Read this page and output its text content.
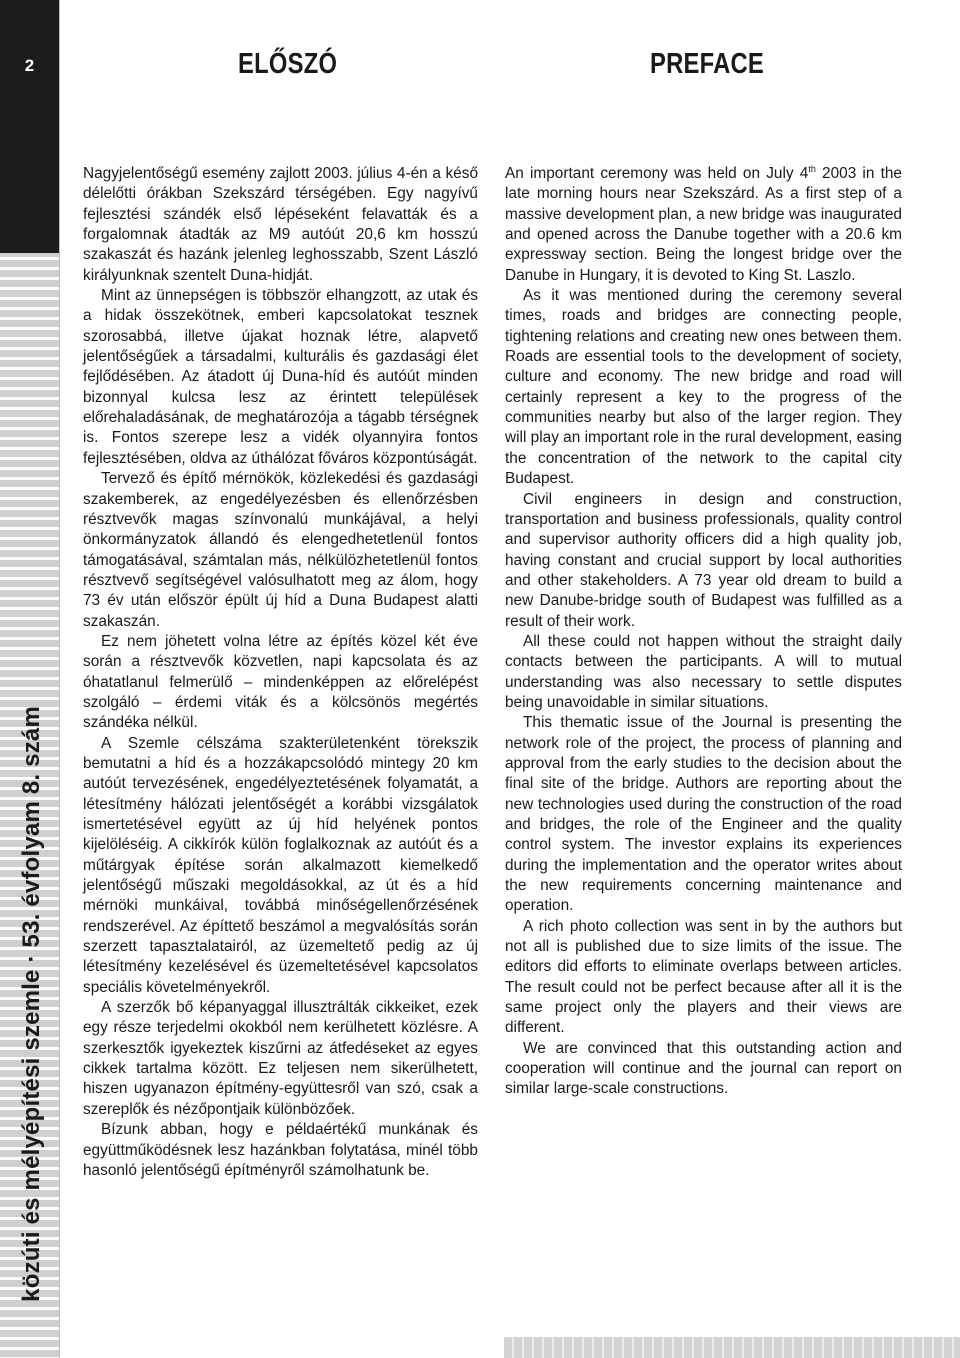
2
közúti és mélyépítési szemle · 53. évfolyam 8. szám
ELŐSZÓ	PREFACE

Nagyjelentőségű esemény zajlott 2003. július 4-én a késő délelőtti órákban Szekszárd térségében. Egy nagyívű fejlesztési szándék első lépéseként felavatták és a forgalomnak átadták az M9 autóút 20,6 km hosszú szakaszát és hazánk jelenleg leghosszabb, Szent László királyunknak szentelt Duna-hidját.

Mint az ünnepségen is többször elhangzott, az utak és a hidak összekötnek, emberi kapcsolatokat tesznek szorosabbá, illetve újakat hoznak létre, alapvető jelentőségűek a társadalmi, kulturális és gazdasági élet fejlődésében. Az átadott új Duna-híd és autóút minden bizonnyal kulcsa lesz az érintett települések előrehaladásának, de meghatározója a tágabb térségnek is. Fontos szerepe lesz a vidék olyannyira fontos fejlesztésében, oldva az úthálózat főváros központúságát.

Tervező és építő mérnökök, közlekedési és gazdasági szakemberek, az engedélyezésben és ellenőrzésben résztvevők magas színvonalú munkájával, a helyi önkormányzatok állandó és elengedhetetlenül fontos támogatásával, számtalan más, nélkülözhetetlenül fontos résztvevő segítségével valósulhatott meg az álom, hogy 73 év után először épült új híd a Duna Budapest alatti szakaszán.

Ez nem jöhetett volna létre az építés közel két éve során a résztvevők közvetlen, napi kapcsolata és az óhatatlanul felmerülő – mindenképpen az előrelépést szolgáló – érdemi viták és a kölcsönös megértés szándéka nélkül.

A Szemle célszáma szakterületenként törekszik bemutatni a híd és a hozzákapcsolódó mintegy 20 km autóút tervezésének, engedélyeztetésének folyamatát, a létesítmény hálózati jelentőségét a korábbi vizsgálatok ismertetésével együtt az új híd helyének pontos kijelöléséig. A cikkírók külön foglalkoznak az autóút és a műtárgyak építése során alkalmazott kiemelkedő jelentőségű műszaki megoldásokkal, az út és a híd mérnöki munkáival, továbbá minőségellenőrzésének rendszerével. Az építtető beszámol a megvalósítás során szerzett tapasztalatairól, az üzemeltető pedig az új létesítmény kezelésével és üzemeltetésével kapcsolatos speciális követelményekről.

A szerzők bő képanyaggal illusztrálták cikkeiket, ezek egy része terjedelmi okokból nem kerülhetett közlésre. A szerkesztők igyekeztek kiszűrni az átfedéseket az egyes cikkek tartalma között. Ez teljesen nem sikerülhetett, hiszen ugyanazon építmény-együttesről van szó, csak a szereplők és nézőpontjaik különbözőek.

Bízunk abban, hogy e példaértékű munkának és együttműködésnek lesz hazánkban folytatása, minél több hasonló jelentőségű építményről számolhatunk be.

An important ceremony was held on July 4th 2003 in the late morning hours near Szekszárd. As a first step of a massive development plan, a new bridge was inaugurated and opened across the Danube together with a 20.6 km expressway section. Being the longest bridge over the Danube in Hungary, it is devoted to King St. Laszlo.

As it was mentioned during the ceremony several times, roads and bridges are connecting people, tightening relations and creating new ones between them. Roads are essential tools to the development of society, culture and economy. The new bridge and road will certainly represent a key to the progress of the communities nearby but also of the larger region. They will play an important role in the rural development, easing the concentration of the network to the capital city Budapest.

Civil engineers in design and construction, transportation and business professionals, quality control and supervisor authority officers did a high quality job, having constant and crucial support by local authorities and other stakeholders. A 73 year old dream to build a new Danube-bridge south of Budapest was fulfilled as a result of their work.

All these could not happen without the straight daily contacts between the participants. A will to mutual understanding was also necessary to settle disputes being unavoidable in similar situations.

This thematic issue of the Journal is presenting the network role of the project, the process of planning and approval from the early studies to the decision about the final site of the bridge. Authors are reporting about the new technologies used during the construction of the road and bridges, the role of the Engineer and the quality control system. The investor explains its experiences during the implementation and the operator writes about the new requirements concerning maintenance and operation.

A rich photo collection was sent in by the authors but not all is published due to size limits of the issue. The editors did efforts to eliminate overlaps between articles. The result could not be perfect because after all it is the same project only the players and their views are different.

We are convinced that this outstanding action and cooperation will continue and the journal can report on similar large-scale constructions.
